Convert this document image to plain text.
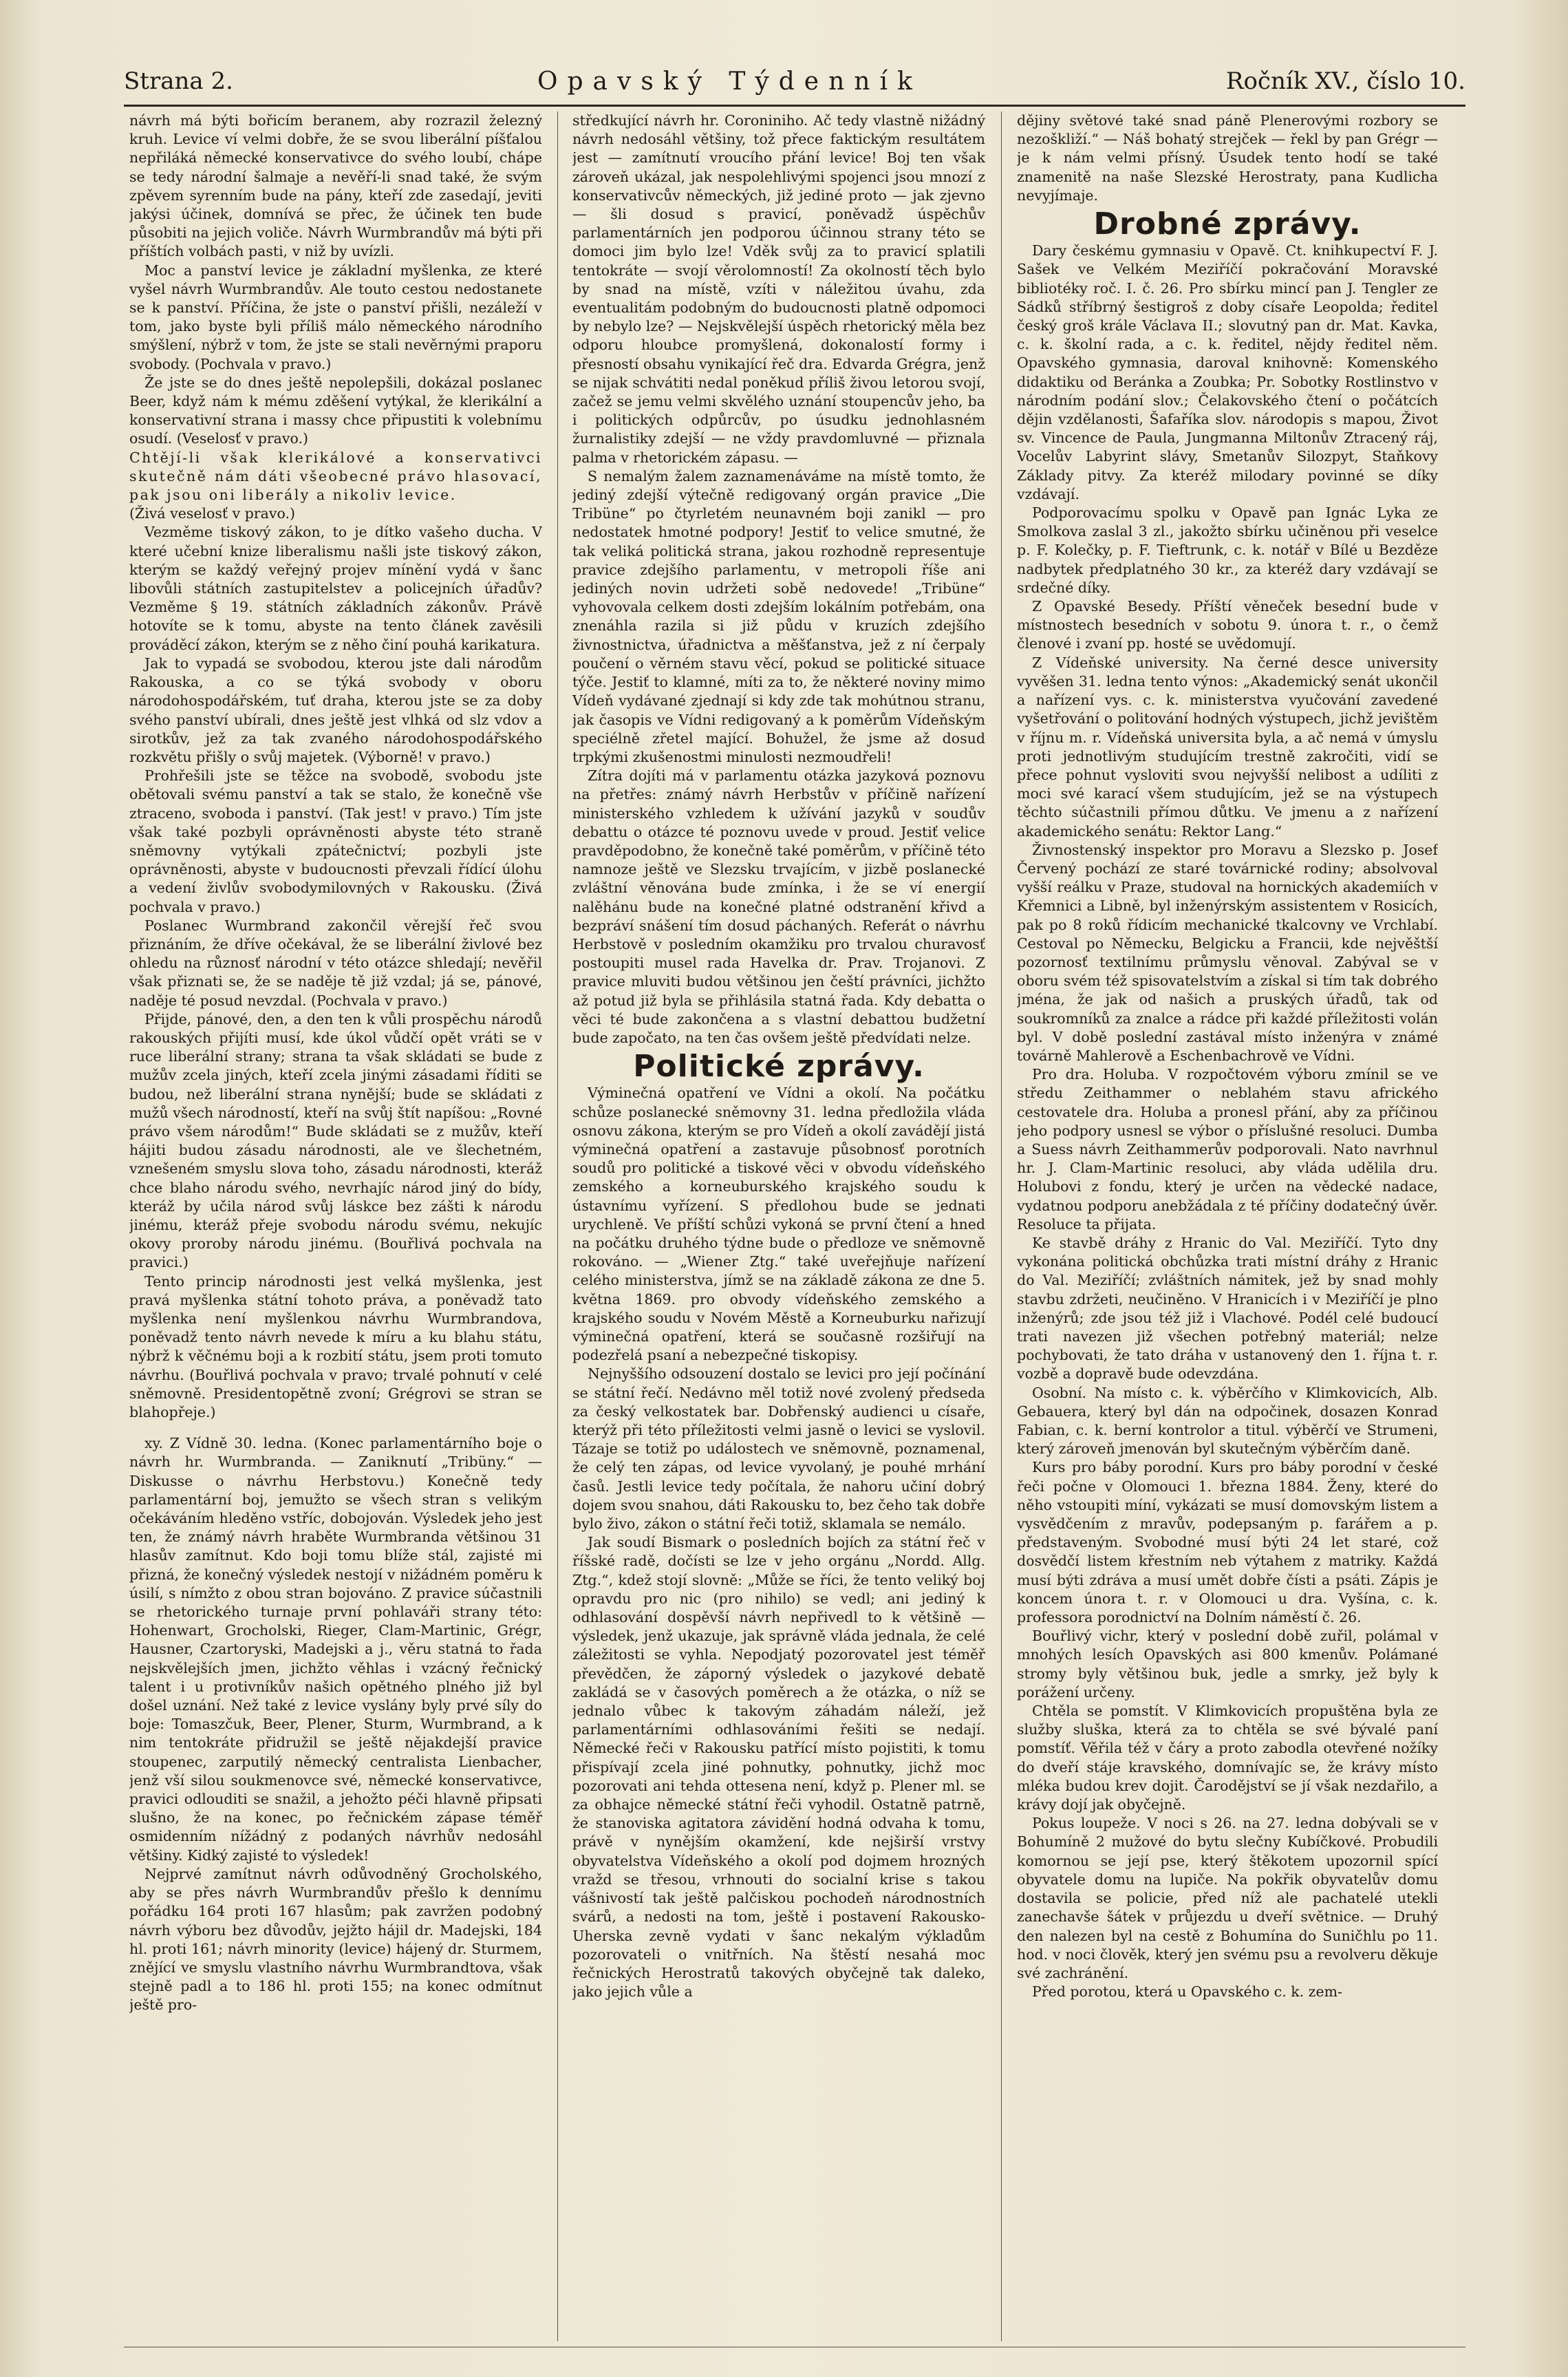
Strana 2.	Opavský Týdenník	Ročník XV., číslo 10.

návrh má býti bořicím beranem, aby rozrazil železný kruh. Levice ví velmi dobře, že se svou liberální píšťalou nepřiláká německé konservativce do svého loubí, chápe se tedy národní šalmaje a nevěří-li snad také, že svým zpěvem syrenním bude na pány, kteří zde zasedají, jeviti jakýsi účinek, domnívá se přec, že účinek ten bude působiti na jejich voliče. Návrh Wurmbrandův má býti při příštích volbách pasti, v niž by uvízli.

Moc a panství levice je základní myšlenka, ze které vyšel návrh Wurmbrandův. Ale touto cestou nedostanete se k panství. Příčina, že jste o panství přišli, nezáleží v tom, jako byste byli příliš málo německého národního smýšlení, nýbrž v tom, že jste se stali nevěrnými praporu svobody. (Pochvala v pravo.)

Že jste se do dnes ještě nepolepšili, dokázal poslanec Beer, když nám k mému zděšení vytýkal, že klerikální a konservativní strana i massy chce připustiti k volebnímu osudí. (Veselosť v pravo.)

Chtějí-li však klerikálové a konservativci skutečně nám dáti všeobecné právo hlasovací, pak jsou oni liberály a nikoliv levice.

(Živá veselosť v pravo.)

Vezměme tiskový zákon, to je dítko vašeho ducha. V které učební knize liberalismu našli jste tiskový zákon, kterým se každý veřejný projev mínění vydá v šanc libovůli státních zastupitelstev a policejních úřadův? Vezměme § 19. státních základních zákonův. Právě hotovíte se k tomu, abyste na tento článek zavěsili prováděcí zákon, kterým se z něho činí pouhá karikatura.

Jak to vypadá se svobodou, kterou jste dali národům Rakouska, a co se týká svobody v oboru národohospodářském, tuť draha, kterou jste se za doby svého panství ubírali, dnes ještě jest vlhká od slz vdov a sirotkův, jež za tak zvaného národohospodářského rozkvětu přišly o svůj majetek. (Výborně! v pravo.)

Prohřešili jste se těžce na svobodě, svobodu jste obětovali svému panství a tak se stalo, že konečně vše ztraceno, svoboda i panství. (Tak jest! v pravo.) Tím jste však také pozbyli oprávněnosti abyste této straně sněmovny vytýkali zpátečnictví; pozbyli jste oprávněnosti, abyste v budoucnosti převzali řídící úlohu a vedení živlův svobodymilovných v Rakousku. (Živá pochvala v pravo.)

Poslanec Wurmbrand zakončil věrejší řeč svou přiznáním, že dříve očekával, že se liberální živlové bez ohledu na různosť národní v této otázce shledají; nevěřil však přiznati se, že se naděje tě již vzdal; já se, pánové, naděje té posud nevzdal. (Pochvala v pravo.)

Přijde, pánové, den, a den ten k vůli prospěchu národů rakouských přijíti musí, kde úkol vůdčí opět vráti se v ruce liberální strany; strana ta však skládati se bude z mužův zcela jiných, kteří zcela jinými zásadami říditi se budou, než liberální strana nynější; bude se skládati z mužů všech národností, kteří na svůj štít napíšou: „Rovné právo všem národům!“ Bude skládati se z mužův, kteří hájiti budou zásadu národnosti, ale ve šlechetném, vznešeném smyslu slova toho, zásadu národnosti, kteráž chce blaho národu svého, nevrhajíc národ jiný do bídy, kteráž by učila národ svůj láskce bez zášti k národu jinému, kteráž přeje svobodu národu svému, nekujíc okovy proroby národu jinému. (Bouřlivá pochvala na pravici.)

Tento princip národnosti jest velká myšlenka, jest pravá myšlenka státní tohoto práva, a poněvadž tato myšlenka není myšlenkou návrhu Wurmbrandova, poněvadž tento návrh nevede k míru a ku blahu státu, nýbrž k věčnému boji a k rozbití státu, jsem proti tomuto návrhu. (Bouřlivá pochvala v pravo; trvalé pohnutí v celé sněmovně. Presidentopětně zvoní; Grégrovi se stran se blahopřeje.)

xy. Z Vídně 30. ledna. (Konec parlamentárního boje o návrh hr. Wurmbranda. — Zaniknutí „Tribüny.“ — Diskusse o návrhu Herbstovu.) Konečně tedy parlamentární boj, jemužto se všech stran s velikým očekáváním hleděno vstříc, dobojován. Výsledek jeho jest ten, že známý návrh hraběte Wurmbranda většinou 31 hlasův zamítnut. Kdo boji tomu blíže stál, zajisté mi přizná, že konečný výsledek nestojí v nižádném poměru k úsilí, s nímžto z obou stran bojováno. Z pravice súčastnili se rhetorického turnaje první pohlaváři strany této: Hohenwart, Grocholski, Rieger, Clam-Martinic, Grégr, Hausner, Czartoryski, Madejski a j., věru statná to řada nejskvělejších jmen, jichžto věhlas i vzácný řečnický talent i u protivníkův našich opětného plného již byl došel uznání. Než také z levice vyslány byly prvé síly do boje: Tomaszčuk, Beer, Plener, Sturm, Wurmbrand, a k nim tentokráte přidružil se ještě nějakdejší pravice stoupenec, zarputilý německý centralista Lienbacher, jenž vší silou soukmenovce své, německé konservativce, pravici odlouditi se snažil, a jehožto péči hlavně připsati slušno, že na konec, po řečnickém zápase téměř osmidenním nížádný z podaných návrhův nedosáhl většiny. Kidký zajisté to výsledek!

Nejprvé zamítnut návrh odůvodněný Grocholského, aby se přes návrh Wurmbrandův přešlo k dennímu pořádku 164 proti 167 hlasům; pak zavržen podobný návrh výboru bez důvodův, jejžto hájil dr. Madejski, 184 hl. proti 161; návrh minority (levice) hájený dr. Sturmem, znějící ve smyslu vlastního návrhu Wurmbrandtova, však stejně padl a to 186 hl. proti 155; na konec odmítnut ještě pro-

středkující návrh hr. Coroniniho. Ač tedy vlastně nižádný návrh nedosáhl většiny, tož přece faktickým resultátem jest — zamítnutí vroucího přání levice! Boj ten však zároveň ukázal, jak nespolehlivými spojenci jsou mnozí z konservativcův německých, již jediné proto — jak zjevno — šli dosud s pravicí, poněvadž úspěchův parlamentárních jen podporou účinnou strany této se domoci jim bylo lze! Vděk svůj za to pravicí splatili tentokráte — svojí věrolomností! Za okolností těch bylo by snad na místě, vzíti v náležitou úvahu, zda eventualitám podobným do budoucnosti platně odpomoci by nebylo lze? — Nejskvělejší úspěch rhetorický měla bez odporu hloubce promyšlená, dokonalostí formy i přesností obsahu vynikající řeč dra. Edvarda Grégra, jenž se nijak schvátiti nedal poněkud příliš živou letorou svojí, začež se jemu velmi skvělého uznání stoupencův jeho, ba i politických odpůrcův, po úsudku jednohlasném žurnalistiky zdejší — ne vždy pravdomluvné — přiznala palma v rhetorickém zápasu. —

S nemalým žalem zaznamenáváme na místě tomto, že jediný zdejší výtečně redigovaný orgán pravice „Die Tribüne“ po čtyrletém neunavném boji zanikl — pro nedostatek hmotné podpory! Jestiť to velice smutné, že tak veliká politická strana, jakou rozhodně representuje pravice zdejšího parlamentu, v metropoli říše ani jediných novin udržeti sobě nedovede! „Tribüne“ vyhovovala celkem dosti zdejším lokálním potřebám, ona znenáhla razila si již půdu v kruzích zdejšího živnostnictva, úřadnictva a měšťanstva, jež z ní čerpaly poučení o věrném stavu věcí, pokud se politické situace týče. Jestiť to klamné, míti za to, že některé noviny mimo Vídeň vydávané zjednají si kdy zde tak mohútnou stranu, jak časopis ve Vídni redigovaný a k poměrům Vídeňským speciélně zřetel mající. Bohužel, že jsme až dosud trpkými zkušenostmi minulosti nezmoudřeli!

Zítra dojíti má v parlamentu otázka jazyková poznovu na přetřes: známý návrh Herbstův v příčině nařízení ministerského vzhledem k užívání jazyků v soudův debattu o otázce té poznovu uvede v proud. Jestiť velice pravděpodobno, že konečně také poměrům, v příčině této namnoze ještě ve Slezsku trvajícím, v jizbě poslanecké zvláštní věnována bude zmínka, i že se ví energií nalěhánu bude na konečné platné odstranění křivd a bezpráví snášení tím dosud páchaných. Referát o návrhu Herbstově v posledním okamžiku pro trvalou churavosť postoupiti musel rada Havelka dr. Prav. Trojanovi. Z pravice mluviti budou většinou jen čeští právníci, jichžto až potud již byla se přihlásila statná řada. Kdy debatta o věci té bude zakončena a s vlastní debattou budžetní bude započato, na ten čas ovšem ještě předvídati nelze.

Politické zprávy.

Výminečná opatření ve Vídni a okolí. Na počátku schůze poslanecké sněmovny 31. ledna předložila vláda osnovu zákona, kterým se pro Vídeň a okolí zavádějí jistá výminečná opatření a zastavuje působnosť porotních soudů pro politické a tiskové věci v obvodu vídeňského zemského a korneuburského krajského soudu k ústavnímu vyřízení. S předlohou bude se jednati urychleně. Ve příští schůzi vykoná se první čtení a hned na počátku druhého týdne bude o předloze ve sněmovně rokováno. — „Wiener Ztg.“ také uveřejňuje nařízení celého ministerstva, jímž se na základě zákona ze dne 5. května 1869. pro obvody vídeňského zemského a krajského soudu v Novém Městě a Korneuburku nařizují výminečná opatření, která se současně rozšiřují na podezřelá psaní a nebezpečné tiskopisy.

Nejnyššího odsouzení dostalo se levici pro její počínání se státní řečí. Nedávno měl totiž nové zvolený předseda za český velkostatek bar. Dobřenský audienci u císaře, kterýž při této příležitosti velmi jasně o levici se vyslovil. Tázaje se totiž po událostech ve sněmovně, poznamenal, že celý ten zápas, od levice vyvolaný, je pouhé mrhání časů. Jestli levice tedy počítala, že nahoru učiní dobrý dojem svou snahou, dáti Rakousku to, bez čeho tak dobře bylo živo, zákon o státní řeči totiž, sklamala se nemálo.

Jak soudí Bismark o posledních bojích za státní řeč v říšské radě, dočísti se lze v jeho orgánu „Nordd. Allg. Ztg.“, kdež stojí slovně: „Může se říci, že tento veliký boj opravdu pro nic (pro nihilo) se vedl; ani jediný k odhlasování dospěvší návrh nepřivedl to k většině — výsledek, jenž ukazuje, jak správně vláda jednala, že celé záležitosti se vyhla. Nepodjatý pozorovatel jest téměř převědčen, že záporný výsledek o jazykové debatě zakládá se v časových poměrech a že otázka, o níž se jednalo vůbec k takovým záhadám náleží, jež parlamentárními odhlasováními řešiti se nedají. Německé řeči v Rakousku patřící místo pojistiti, k tomu přispívají zcela jiné pohnutky, pohnutky, jichž moc pozorovati ani tehda ottesena není, když p. Plener ml. se za obhajce německé státní řeči vyhodil. Ostatně patrně, že stanoviska agitatora závidění hodná odvaha k tomu, právě v nynějším okamžení, kde nejširší vrstvy obyvatelstva Vídeňského a okolí pod dojmem hrozných vražd se třesou, vrhnouti do socialní krise s takou vášnivostí tak ještě palčiskou pochodeň národnostních svárů, a nedosti na tom, ještě i postavení Rakousko-Uherska zevně vydati v šanc nekalým výkladům pozorovateli o vnitřních. Na štěstí nesahá moc řečnických Herostratů takových obyčejně tak daleko, jako jejich vůle a

dějiny světové také snad páně Plenerovými rozbory se nezoškliží.“ — Náš bohatý strejček — řekl by pan Grégr — je k nám velmi přísný. Úsudek tento hodí se také znamenitě na naše Slezské Herostraty, pana Kudlicha nevyjímaje.

Drobné zprávy.

Dary českému gymnasiu v Opavě. Ct. knihkupectví F. J. Sašek ve Velkém Meziříčí pokračování Moravské bibliotéky roč. I. č. 26. Pro sbírku mincí pan J. Tengler ze Sádků stříbrný šestigroš z doby císaře Leopolda; ředitel český groš krále Václava II.; slovutný pan dr. Mat. Kavka, c. k. školní rada, a c. k. ředitel, nějdy ředitel něm. Opavského gymnasia, daroval knihovně: Komenského didaktiku od Beránka a Zoubka; Pr. Sobotky Rostlinstvo v národním podání slov.; Čelakovského čtení o počátcích dějin vzdělanosti, Šafaříka slov. národopis s mapou, Život sv. Vincence de Paula, Jungmanna Miltonův Ztracený ráj, Vocelův Labyrint slávy, Smetanův Silozpyt, Staňkovy Základy pitvy. Za kteréž milodary povinné se díky vzdávají.

Podporovacímu spolku v Opavě pan Ignác Lyka ze Smolkova zaslal 3 zl., jakožto sbírku učiněnou při veselce p. F. Kolečky, p. F. Tieftrunk, c. k. notář v Bílé u Bezděze nadbytek předplatného 30 kr., za kteréž dary vzdávají se srdečné díky.

Z Opavské Besedy. Příští věneček besední bude v místnostech besedních v sobotu 9. února t. r., o čemž členové i zvaní pp. hosté se uvědomují.

Z Vídeňské university. Na černé desce university vyvěšen 31. ledna tento výnos: „Akademický senát ukončil a nařízení vys. c. k. ministerstva vyučování zavedené vyšetřování o politování hodných výstupech, jichž jevištěm v říjnu m. r. Vídeňská universita byla, a ač nemá v úmyslu proti jednotlivým studujícím trestně zakročiti, vidí se přece pohnut vysloviti svou nejvyšší nelibost a udíliti z moci své karací všem studujícím, jež se na výstupech těchto súčastnili přímou důtku. Ve jmenu a z nařízení akademického senátu: Rektor Lang.“

Živnostenský inspektor pro Moravu a Slezsko p. Josef Červený pochází ze staré továrnické rodiny; absolvoval vyšší reálku v Praze, studoval na hornických akademiích v Křemnici a Libně, byl inženýrským assistentem v Rosicích, pak po 8 roků řídicím mechanické tkalcovny ve Vrchlabí. Cestoval po Německu, Belgicku a Francii, kde nejvěštší pozornosť textilnímu průmyslu věnoval. Zabýval se v oboru svém též spisovatelstvím a získal si tím tak dobrého jména, že jak od našich a pruských úřadů, tak od soukromníků za znalce a rádce při každé příležitosti volán byl. V době poslední zastával místo inženýra v známé továrně Mahlerově a Eschenbachrově ve Vídni.

Pro dra. Holuba. V rozpočtovém výboru zmínil se ve středu Zeithammer o neblahém stavu afrického cestovatele dra. Holuba a pronesl přání, aby za příčinou jeho podpory usnesl se výbor o příslušné resoluci. Dumba a Suess návrh Zeithammerův podporovali. Nato navrhnul hr. J. Clam-Martinic resoluci, aby vláda udělila dru. Holubovi z fondu, který je určen na vědecké nadace, vydatnou podporu anebžádala z té příčiny dodatečný úvěr. Resoluce ta přijata.

Ke stavbě dráhy z Hranic do Val. Meziříčí. Tyto dny vykonána politická obchůzka trati místní dráhy z Hranic do Val. Meziříčí; zvláštních námitek, jež by snad mohly stavbu zdržeti, neučiněno. V Hranicích i v Meziříčí je plno inženýrů; zde jsou též již i Vlachové. Podél celé budoucí trati navezen již všechen potřebný materiál; nelze pochybovati, že tato dráha v ustanovený den 1. října t. r. vozbě a dopravě bude odevzdána.

Osobní. Na místo c. k. výběrčího v Klimkovicích, Alb. Gebauera, který byl dán na odpočinek, dosazen Konrad Fabian, c. k. berní kontrolor a titul. výběrčí ve Strumeni, který zároveň jmenován byl skutečným výběrčím daně.

Kurs pro báby porodní. Kurs pro báby porodní v české řeči počne v Olomouci 1. března 1884. Ženy, které do něho vstoupiti míní, vykázati se musí domovským listem a vysvědčením z mravův, podepsaným p. farářem a p. představeným. Svobodné musí býti 24 let staré, což dosvědčí listem křestním neb výtahem z matriky. Každá musí býti zdráva a musí umět dobře čísti a psáti. Zápis je koncem února t. r. v Olomouci u dra. Vyšína, c. k. professora porodnictví na Dolním náměstí č. 26.

Bouřlivý vichr, který v poslední době zuřil, polámal v mnohých lesích Opavských asi 800 kmenův. Polámané stromy byly většinou buk, jedle a smrky, jež byly k porážení určeny.

Chtěla se pomstít. V Klimkovicích propuštěna byla ze služby sluška, která za to chtěla se své bývalé paní pomstíť. Věřila též v čáry a proto zabodla otevřené nožíky do dveří stáje kravského, domnívajíc se, že krávy místo mléka budou krev dojit. Čarodějství se jí však nezdařilo, a krávy dojí jak obyčejně.

Pokus loupeže. V noci s 26. na 27. ledna dobývali se v Bohumíně 2 mužové do bytu slečny Kubíčkové. Probudili komornou se její pse, který štěkotem upozornil spící obyvatele domu na lupiče. Na pokřik obyvatelův domu dostavila se policie, před níž ale pachatelé utekli zanechavše šátek v průjezdu u dveří světnice. — Druhý den nalezen byl na cestě z Bohumína do Suničhlu po 11. hod. v noci člověk, který jen svému psu a revolveru děkuje své zachránění.

Před porotou, která u Opavského c. k. zem-
